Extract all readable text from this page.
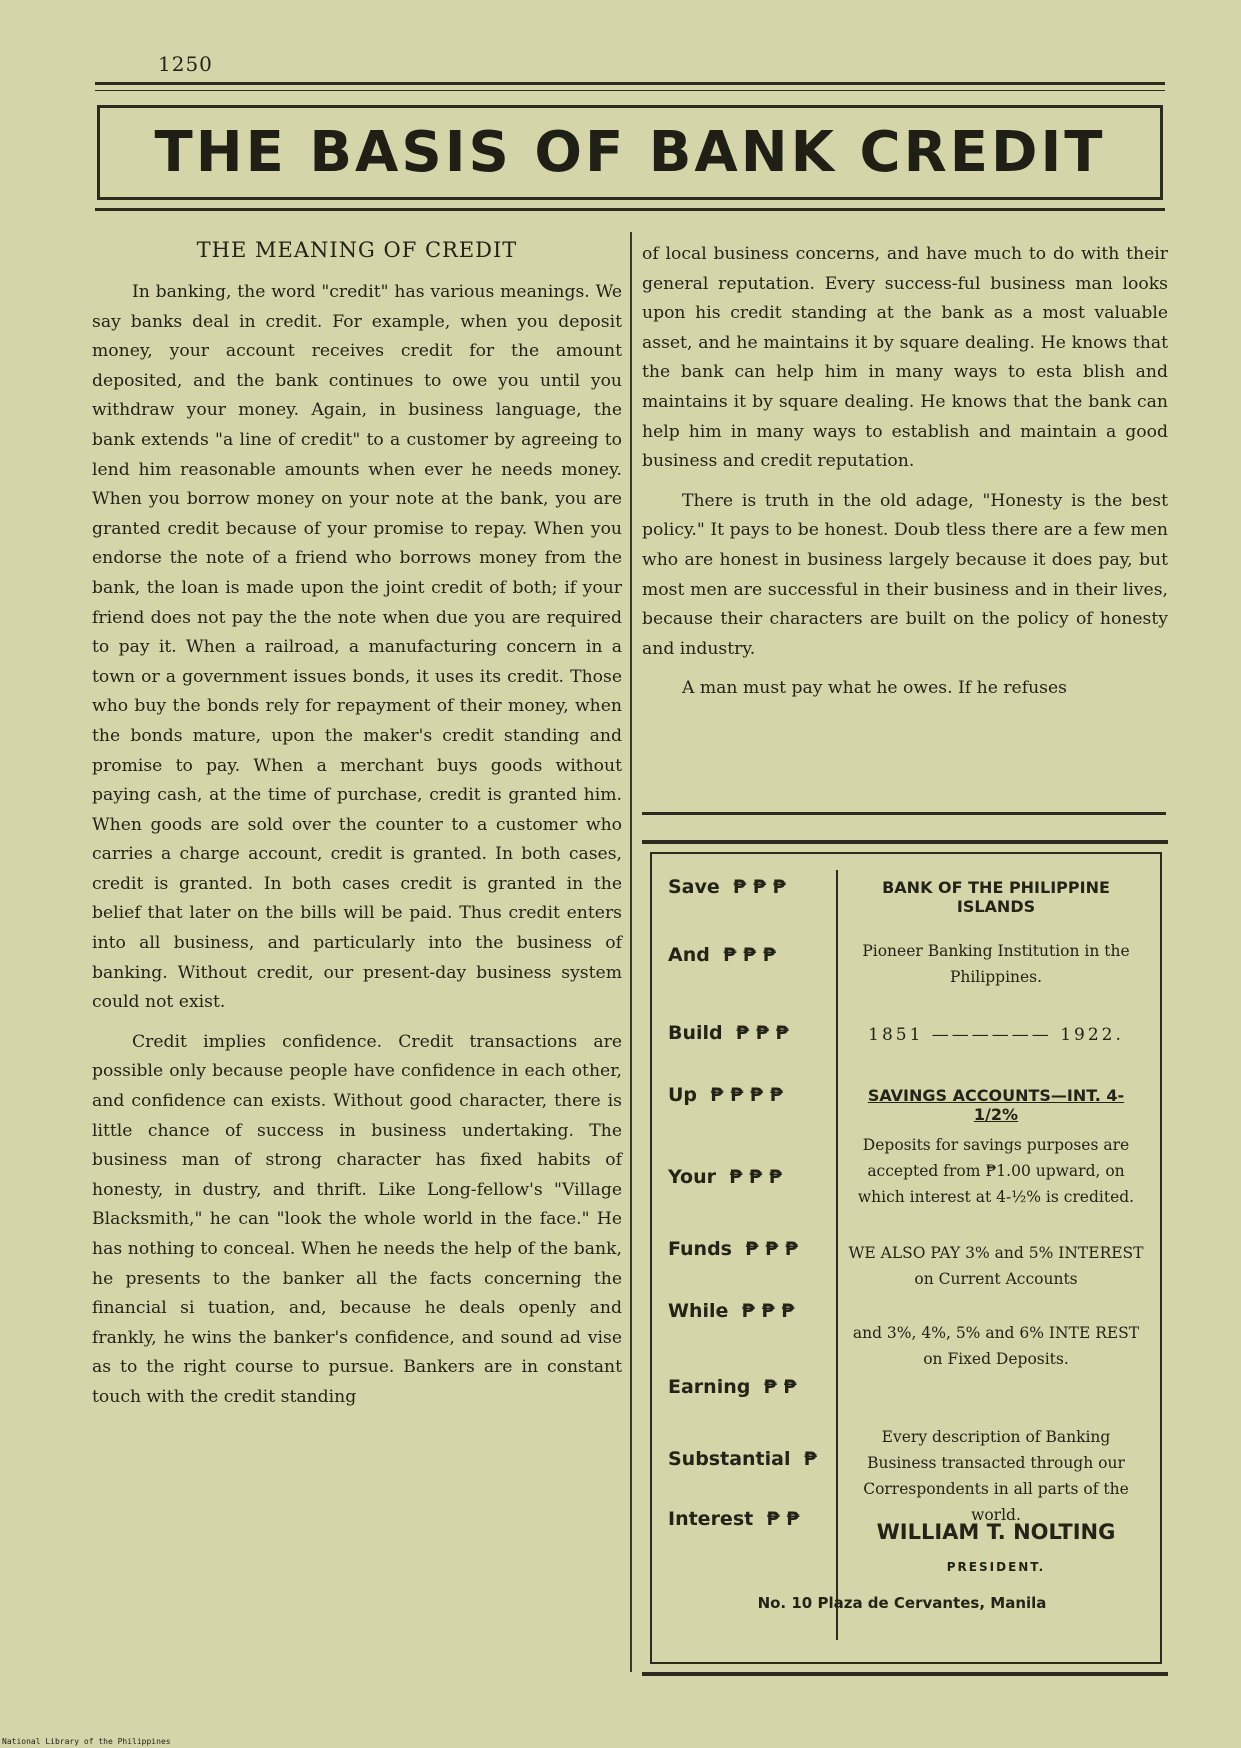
1250
THE BASIS OF BANK CREDIT
THE MEANING OF CREDIT

In banking, the word "credit" has various meanings. We say banks deal in credit. For example, when you deposit money, your account receives credit for the amount deposited, and the bank continues to owe you until you withdraw your money. Again, in business language, the bank extends "a line of credit" to a customer by agreeing to lend him reasonable amounts when ever he needs money. When you borrow money on your note at the bank, you are granted credit because of your promise to repay. When you endorse the note of a friend who borrows money from the bank, the loan is made upon the joint credit of both; if your friend does not pay the the note when due you are required to pay it. When a railroad, a manufacturing concern in a town or a government issues bonds, it uses its credit. Those who buy the bonds rely for repayment of their money, when the bonds mature, upon the maker's credit standing and promise to pay. When a merchant buys goods without paying cash, at the time of purchase, credit is granted him. When goods are sold over the counter to a customer who carries a charge account, credit is granted. In both cases, credit is granted. In both cases credit is granted in the belief that later on the bills will be paid. Thus credit enters into all business, and particularly into the business of banking. Without credit, our present-day business system could not exist.

Credit implies confidence. Credit transactions are possible only because people have confidence in each other, and confidence can exists. Without good character, there is little chance of success in business undertaking. The business man of strong character has fixed habits of honesty, in dustry, and thrift. Like Long-fellow's "Village Blacksmith," he can "look the whole world in the face." He has nothing to conceal. When he needs the help of the bank, he presents to the banker all the facts concerning the financial si tuation, and, because he deals openly and frankly, he wins the banker's confidence, and sound ad vise as to the right course to pursue. Bankers are in constant touch with the credit standing

of local business concerns, and have much to do with their general reputation. Every success-ful business man looks upon his credit standing at the bank as a most valuable asset, and he maintains it by square dealing. He knows that the bank can help him in many ways to esta blish and maintains it by square dealing. He knows that the bank can help him in many ways to establish and maintain a good business and credit reputation.

There is truth in the old adage, "Honesty is the best policy." It pays to be honest. Doub tless there are a few men who are honest in business largely because it does pay, but most men are successful in their business and in their lives, because their characters are built on the policy of honesty and industry.

A man must pay what he owes. If he refuses

Save ₱ ₱ ₱
And ₱ ₱ ₱
Build ₱ ₱ ₱
Up ₱ ₱ ₱ ₱
Your ₱ ₱ ₱
Funds ₱ ₱ ₱
While ₱ ₱ ₱
Earning ₱ ₱
Substantial ₱
Interest ₱ ₱
BANK OF THE PHILIPPINE ISLANDS
Pioneer Banking Institution in the Philippines.
1851 —————— 1922.
SAVINGS ACCOUNTS—INT. 4-1/2%
Deposits for savings purposes are accepted from ₱1.00 upward, on which interest at 4-½% is credited.
WE ALSO PAY 3% and 5% INTEREST on Current Accounts
and 3%, 4%, 5% and 6% INTE REST on Fixed Deposits.
Every description of Banking Business transacted through our Correspondents in all parts of the world.
WILLIAM T. NOLTING
PRESIDENT.
No. 10 Plaza de Cervantes, Manila
National Library of the Philippines
